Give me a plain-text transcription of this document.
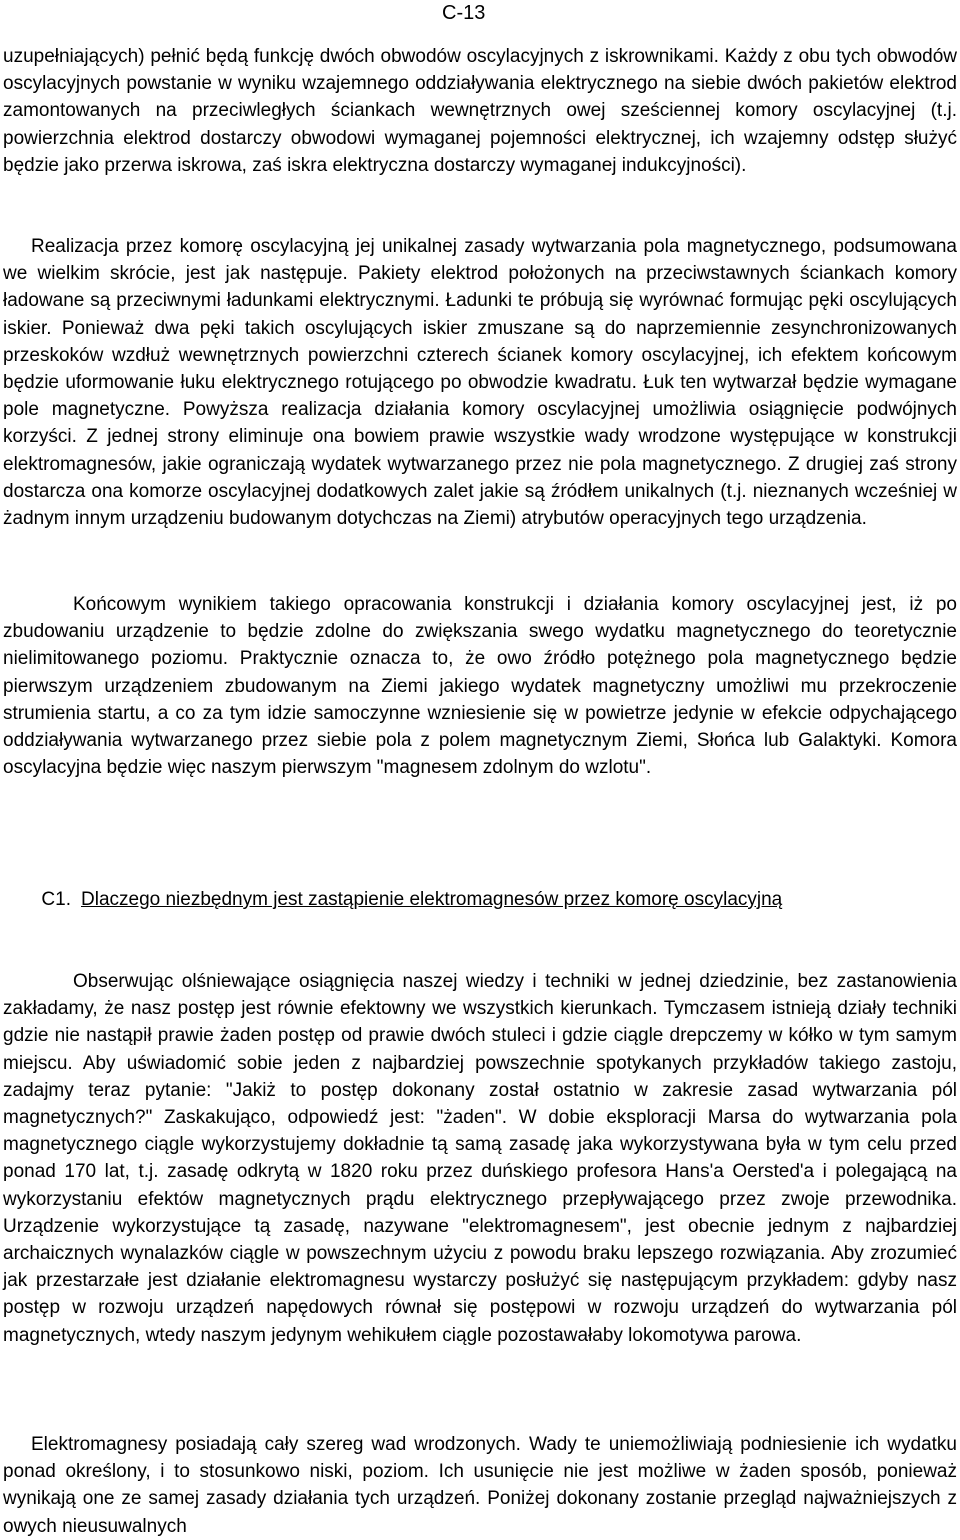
C-13

uzupełniających) pełnić będą funkcję dwóch obwodów oscylacyjnych z iskrownikami. Każdy z obu tych obwodów oscylacyjnych powstanie w wyniku wzajemnego oddziaływania elektrycznego na siebie dwóch pakietów elektrod zamontowanych na przeciwległych ściankach wewnętrznych owej sześciennej komory oscylacyjnej (t.j. powierzchnia elektrod dostarczy obwodowi wymaganej pojemności elektrycznej, ich wzajemny odstęp służyć będzie jako przerwa iskrowa, zaś iskra elektryczna dostarczy wymaganej indukcyjności).

Realizacja przez komorę oscylacyjną jej unikalnej zasady wytwarzania pola magnetycznego, podsumowana we wielkim skrócie, jest jak następuje. Pakiety elektrod położonych na przeciwstawnych ściankach komory ładowane są przeciwnymi ładunkami elektrycznymi. Ładunki te próbują się wyrównać formując pęki oscylujących iskier. Ponieważ dwa pęki takich oscylujących iskier zmuszane są do naprzemiennie zesynchronizowanych przeskoków wzdłuż wewnętrznych powierzchni czterech ścianek komory oscylacyjnej, ich efektem końcowym będzie uformowanie łuku elektrycznego rotującego po obwodzie kwadratu. Łuk ten wytwarzał będzie wymagane pole magnetyczne. Powyższa realizacja działania komory oscylacyjnej umożliwia osiągnięcie podwójnych korzyści. Z jednej strony eliminuje ona bowiem prawie wszystkie wady wrodzone występujące w konstrukcji elektromagnesów, jakie ograniczają wydatek wytwarzanego przez nie pola magnetycznego. Z drugiej zaś strony dostarcza ona komorze oscylacyjnej dodatkowych zalet jakie są źródłem unikalnych (t.j. nieznanych wcześniej w żadnym innym urządzeniu budowanym dotychczas na Ziemi) atrybutów operacyjnych tego urządzenia.

Końcowym wynikiem takiego opracowania konstrukcji i działania komory oscylacyjnej jest, iż po zbudowaniu urządzenie to będzie zdolne do zwiększania swego wydatku magnetycznego do teoretycznie nielimitowanego poziomu. Praktycznie oznacza to, że owo źródło potężnego pola magnetycznego będzie pierwszym urządzeniem zbudowanym na Ziemi jakiego wydatek magnetyczny umożliwi mu przekroczenie strumienia startu, a co za tym idzie samoczynne wzniesienie się w powietrze jedynie w efekcie odpychającego oddziaływania wytwarzanego przez siebie pola z polem magnetycznym Ziemi, Słońca lub Galaktyki. Komora oscylacyjna będzie więc naszym pierwszym "magnesem zdolnym do wzlotu".

C1. Dlaczego niezbędnym jest zastąpienie elektromagnesów przez komorę oscylacyjną

Obserwując olśniewające osiągnięcia naszej wiedzy i techniki w jednej dziedzinie, bez zastanowienia zakładamy, że nasz postęp jest równie efektowny we wszystkich kierunkach. Tymczasem istnieją działy techniki gdzie nie nastąpił prawie żaden postęp od prawie dwóch stuleci i gdzie ciągle drepczemy w kółko w tym samym miejscu. Aby uświadomić sobie jeden z najbardziej powszechnie spotykanych przykładów takiego zastoju, zadajmy teraz pytanie: "Jakiż to postęp dokonany został ostatnio w zakresie zasad wytwarzania pól magnetycznych?" Zaskakująco, odpowiedź jest: "żaden". W dobie eksploracji Marsa do wytwarzania pola magnetycznego ciągle wykorzystujemy dokładnie tą samą zasadę jaka wykorzystywana była w tym celu przed ponad 170 lat, t.j. zasadę odkrytą w 1820 roku przez duńskiego profesora Hans'a Oersted'a i polegającą na wykorzystaniu efektów magnetycznych prądu elektrycznego przepływającego przez zwoje przewodnika. Urządzenie wykorzystujące tą zasadę, nazywane "elektromagnesem", jest obecnie jednym z najbardziej archaicznych wynalazków ciągle w powszechnym użyciu z powodu braku lepszego rozwiązania. Aby zrozumieć jak przestarzałe jest działanie elektromagnesu wystarczy posłużyć się następującym przykładem: gdyby nasz postęp w rozwoju urządzeń napędowych równał się postępowi w rozwoju urządzeń do wytwarzania pól magnetycznych, wtedy naszym jedynym wehikułem ciągle pozostawałaby lokomotywa parowa.

Elektromagnesy posiadają cały szereg wad wrodzonych. Wady te uniemożliwiają podniesienie ich wydatku ponad określony, i to stosunkowo niski, poziom. Ich usunięcie nie jest możliwe w żaden sposób, ponieważ wynikają one ze samej zasady działania tych urządzeń. Poniżej dokonany zostanie przegląd najważniejszych z owych nieusuwalnych
